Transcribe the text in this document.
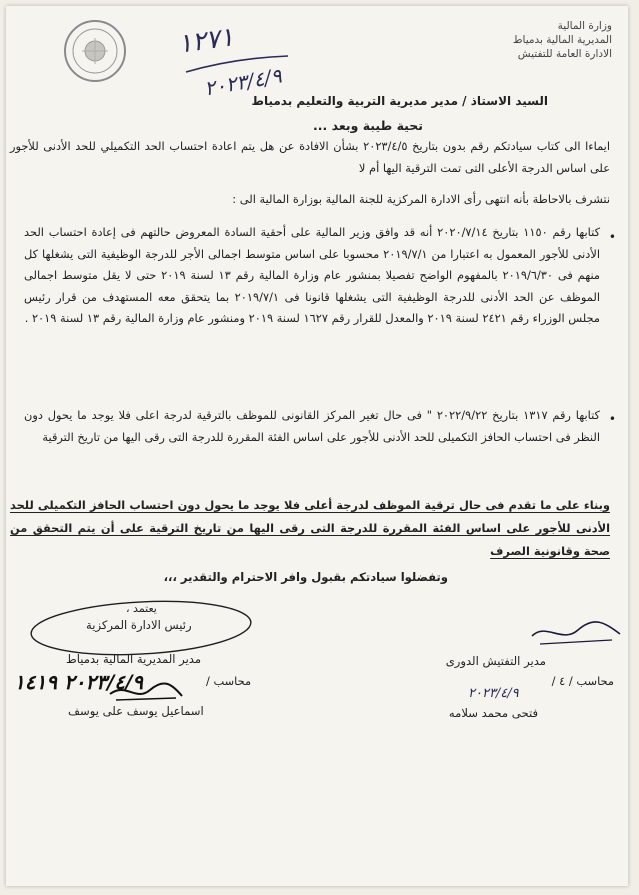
وزارة المالية
المديرية المالية بدمياط
الادارة العامة للتفتيش
١٢٧١
٢٠٢٣/٤/٩
السيد الاستاذ / مدير مديرية التربية والتعليم بدمياط
تحية طيبة وبعد ...
ايماءا الى كتاب سيادتكم رقم بدون بتاريخ ٢٠٢٣/٤/٥ بشأن الافادة عن هل يتم اعادة احتساب الحد التكميلي للحد الأدنى للأجور على اساس الدرجة الأعلى التى تمت الترقية اليها أم لا
نتشرف بالاحاطة بأنه انتهى رأى الادارة المركزية للجنة المالية بوزارة المالية الى :
•
كتابها رقم ١١٥٠ بتاريخ ٢٠٢٠/٧/١٤ أنه قد وافق وزير المالية على أحقية السادة المعروض حالتهم فى إعادة احتساب الحد الأدنى للأجور المعمول به اعتبارا من ٢٠١٩/٧/١ محسوبا على اساس متوسط اجمالى الأجر للدرجة الوظيفية التى يشغلها كل منهم فى ٢٠١٩/٦/٣٠ بالمفهوم الواضح تفصيلا بمنشور عام وزارة المالية رقم ١٣ لسنة ٢٠١٩ حتى لا يقل متوسط اجمالى الموظف عن الحد الأدنى للدرجة الوظيفية التى يشغلها قانونا فى ٢٠١٩/٧/١ بما يتحقق معه المستهدف من قرار رئيس مجلس الوزراء رقم ٢٤٢١ لسنة ٢٠١٩ والمعدل للقرار رقم ١٦٢٧ لسنة ٢٠١٩ ومنشور عام وزارة المالية رقم ١٣ لسنة ٢٠١٩ .
•
كتابها رقم ١٣١٧ بتاريخ ٢٠٢٢/٩/٢٢ " فى حال تغير المركز القانونى للموظف بالترقية لدرجة اعلى فلا يوجد ما يحول دون النظر فى احتساب الحافز التكميلى للحد الأدنى للأجور على اساس الفئة المقررة للدرجة التى رقى اليها من تاريخ الترقية
وبناء على ما تقدم فى حال ترقية الموظف لدرجة أعلى فلا يوجد ما يحول دون احتساب الحافز التكميلى للحد الأدنى للأجور على اساس الفئة المقررة للدرجة التى رقى اليها من تاريخ الترقية على أن يتم التحقق من صحة وقانونية الصرف
وتفضلوا سيادتكم بقبول وافر الاحترام والتقدير ،،،
يعتمد ،
رئيس الادارة المركزية
مدير المديرية المالية بدمياط
محاسب /
٢٠٢٣/٤/٩ ١٤١٩
اسماعيل يوسف على يوسف
مدير التفتيش الدورى
محاسب / ٤ /
٢٠٢٣/٤/٩
فتحى محمد سلامه
